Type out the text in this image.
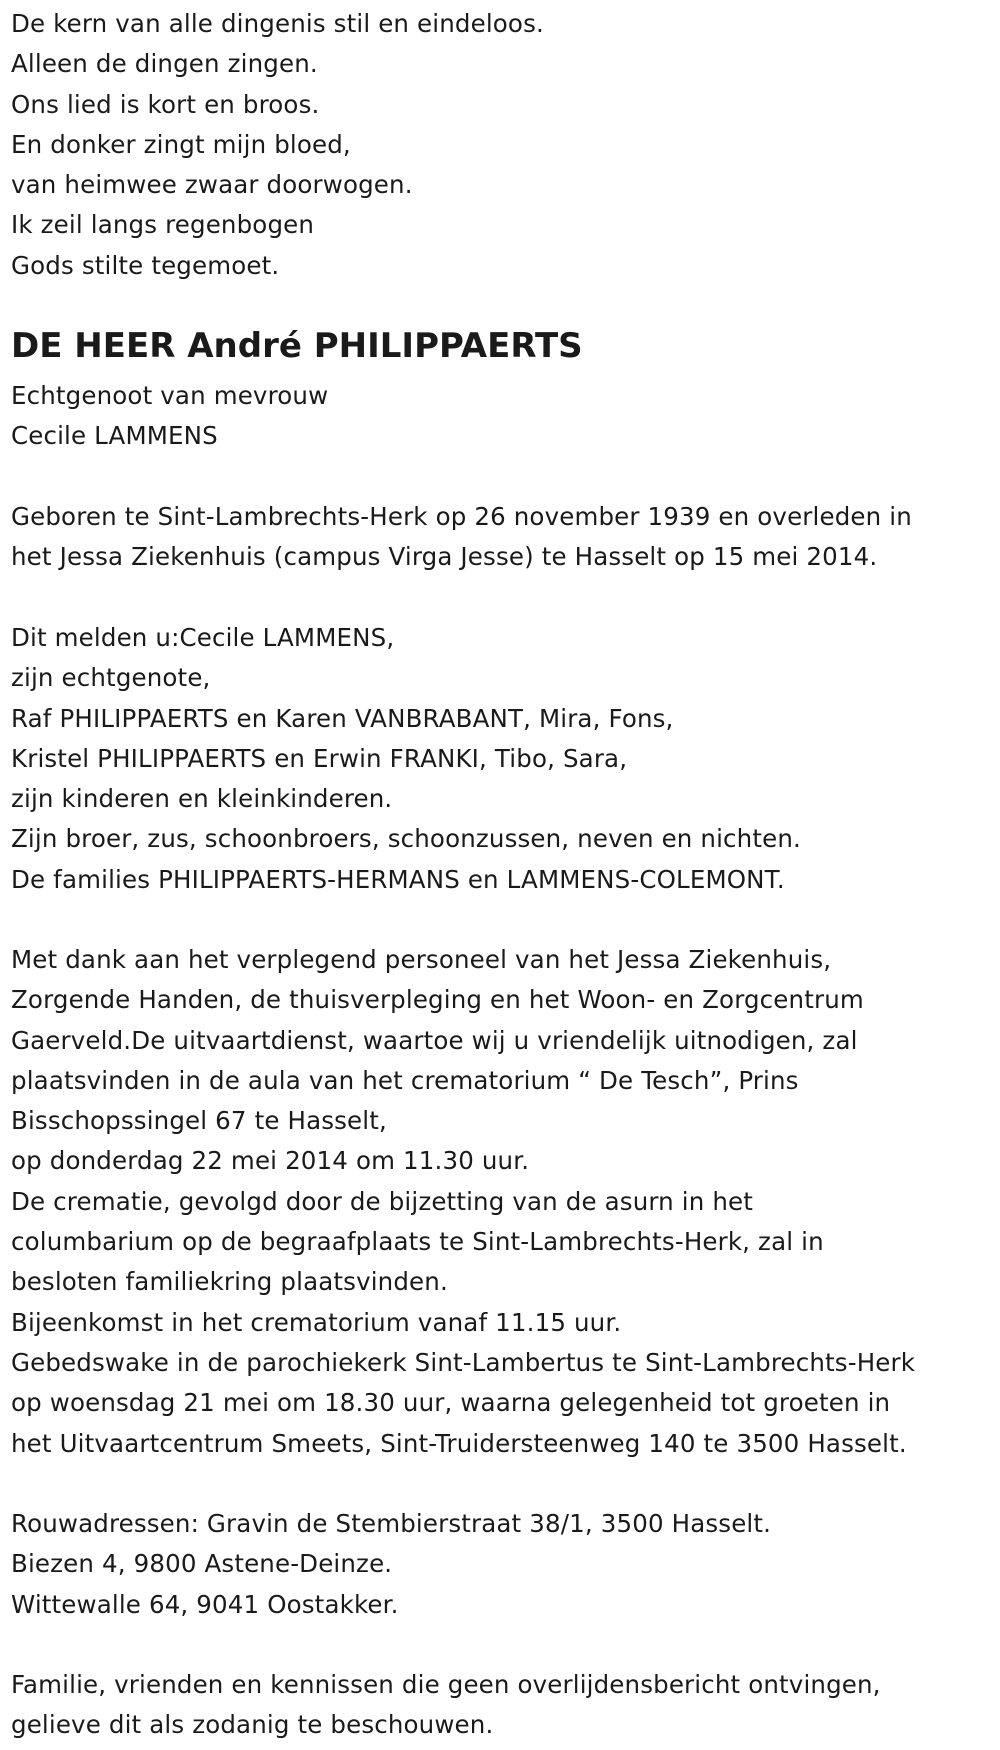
De kern van alle dingenis stil en eindeloos.
Alleen de dingen zingen.
Ons lied is kort en broos.
En donker zingt mijn bloed,
van heimwee zwaar doorwogen.
Ik zeil langs regenbogen
Gods stilte tegemoet.
DE HEER André PHILIPPAERTS
Echtgenoot van mevrouw
Cecile LAMMENS
Geboren te Sint-Lambrechts-Herk op 26 november 1939 en overleden in
het Jessa Ziekenhuis (campus Virga Jesse) te Hasselt op 15 mei 2014.
Dit melden u:Cecile LAMMENS,
zijn echtgenote,
Raf PHILIPPAERTS en Karen VANBRABANT, Mira, Fons,
Kristel PHILIPPAERTS en Erwin FRANKI, Tibo, Sara,
zijn kinderen en kleinkinderen.
Zijn broer, zus, schoonbroers, schoonzussen, neven en nichten.
De families PHILIPPAERTS-HERMANS en LAMMENS-COLEMONT.
Met dank aan het verplegend personeel van het Jessa Ziekenhuis,
Zorgende Handen, de thuisverpleging en het Woon- en Zorgcentrum
Gaerveld.De uitvaartdienst, waartoe wij u vriendelijk uitnodigen, zal
plaatsvinden in de aula van het crematorium “ De Tesch”, Prins
Bisschopssingel 67 te Hasselt,
op donderdag 22 mei 2014 om 11.30 uur.
De crematie, gevolgd door de bijzetting van de asurn in het
columbarium op de begraafplaats te Sint-Lambrechts-Herk, zal in
besloten familiekring plaatsvinden.
Bijeenkomst in het crematorium vanaf 11.15 uur.
Gebedswake in de parochiekerk Sint-Lambertus te Sint-Lambrechts-Herk
op woensdag 21 mei om 18.30 uur, waarna gelegenheid tot groeten in
het Uitvaartcentrum Smeets, Sint-Truidersteenweg 140 te 3500 Hasselt.
Rouwadressen: Gravin de Stembierstraat 38/1, 3500 Hasselt.
Biezen 4, 9800 Astene-Deinze.
Wittewalle 64, 9041 Oostakker.
Familie, vrienden en kennissen die geen overlijdensbericht ontvingen,
gelieve dit als zodanig te beschouwen.
